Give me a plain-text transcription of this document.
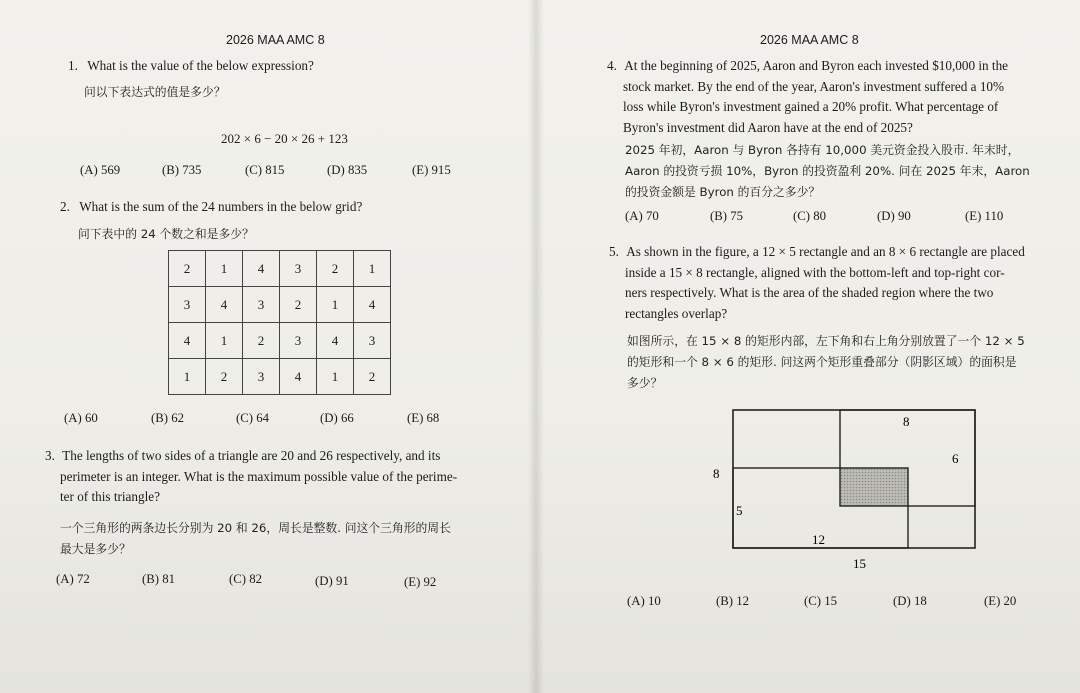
2026 MAA AMC 8
1. What is the value of the below expression?
问以下表达式的值是多少？
202 × 6 − 20 × 26 + 123
(A) 569	(B) 735	(C) 815	(D) 835	(E) 915
2. What is the sum of the 24 numbers in the below grid?
问下表中的 24 个数之和是多少？
2	1	4	3	2	1
3	4	3	2	1	4
4	1	2	3	4	3
1	2	3	4	1	2
(A) 60	(B) 62	(C) 64	(D) 66	(E) 68
3. The lengths of two sides of a triangle are 20 and 26 respectively, and its
perimeter is an integer. What is the maximum possible value of the perime-
ter of this triangle?
一个三角形的两条边长分别为 20 和 26，周长是整数. 问这个三角形的周长
最大是多少？
(A) 72	(B) 81	(C) 82	(D) 91	(E) 92
2026 MAA AMC 8
4. At the beginning of 2025, Aaron and Byron each invested $10,000 in the
stock market. By the end of the year, Aaron's investment suffered a 10%
loss while Byron's investment gained a 20% profit. What percentage of
Byron's investment did Aaron have at the end of 2025?
2025 年初，Aaron 与 Byron 各持有 10,000 美元资金投入股市. 年末时，
Aaron 的投资亏损 10%，Byron 的投资盈利 20%. 问在 2025 年末，Aaron
的投资金额是 Byron 的百分之多少？
(A) 70	(B) 75	(C) 80	(D) 90	(E) 110
5. As shown in the figure, a 12 × 5 rectangle and an 8 × 6 rectangle are placed
inside a 15 × 8 rectangle, aligned with the bottom-left and top-right cor-
ners respectively. What is the area of the shaded region where the two
rectangles overlap?
如图所示，在 15 × 8 的矩形内部，左下角和右上角分别放置了一个 12 × 5
的矩形和一个 8 × 6 的矩形. 问这两个矩形重叠部分（阴影区域）的面积是
多少？
8
6
8
5
12
15
(A) 10	(B) 12	(C) 15	(D) 18	(E) 20
